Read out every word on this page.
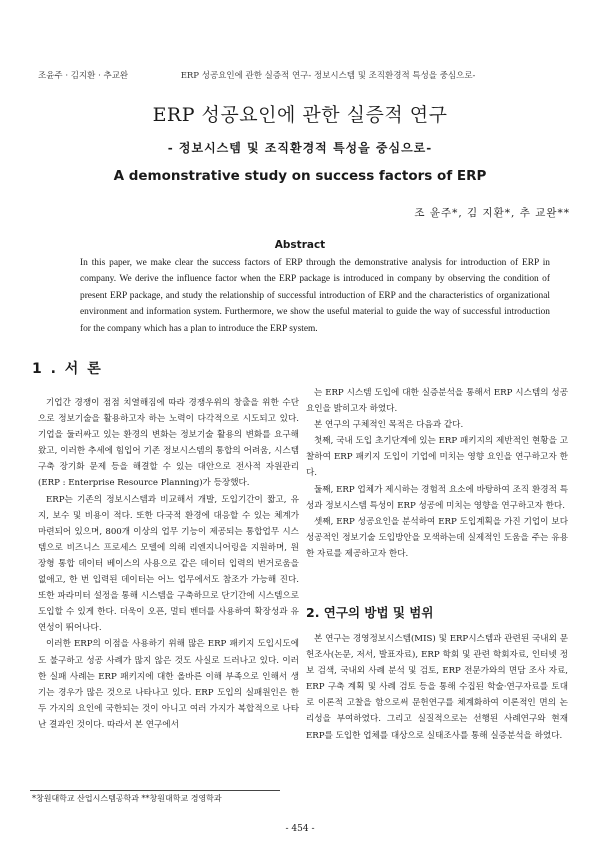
조윤주 · 김지환 · 추교완	ERP 성공요인에 관한 실증적 연구- 정보시스템 및 조직환경적 특성을 중심으로-
ERP 성공요인에 관한 실증적 연구
- 정보시스템 및 조직환경적 특성을 중심으로-
A demonstrative study on success factors of ERP
조 윤주*, 김 지환*, 추 교완**
Abstract
In this paper, we make clear the success factors of ERP through the demonstrative analysis for introduction of ERP in company. We derive the influence factor when the ERP package is introduced in company by observing the condition of present ERP package, and study the relationship of successful introduction of ERP and the characteristics of organizational environment and information system. Furthermore, we show the useful material to guide the way of successful introduction for the company which has a plan to introduce the ERP system.
1 . 서 론

기업간 경쟁이 점점 치열해짐에 따라 경쟁우위의 창출을 위한 수단으로 정보기술을 활용하고자 하는 노력이 다각적으로 시도되고 있다. 기업을 둘러싸고 있는 환경의 변화는 정보기술 활용의 변화를 요구해왔고, 이러한 추세에 힘입어 기존 정보시스템의 통합의 어려움, 시스템 구축 장기화 문제 등을 해결할 수 있는 대안으로 전사적 자원관리 (ERP : Enterprise Resource Planning)가 등장했다.

ERP는 기존의 정보시스템과 비교해서 개발, 도입기간이 짧고, 유지, 보수 및 비용이 적다. 또한 다국적 환경에 대응할 수 있는 체계가 마련되어 있으며, 800개 이상의 업무 기능이 제공되는 통합업무 시스템으로 비즈니스 프로세스 모델에 의해 리엔지니어링을 지원하며, 원장형 통합 데이터 베이스의 사용으로 같은 데이터 입력의 번거로움을 없애고, 한 번 입력된 데이터는 어느 업무에서도 참조가 가능해 진다. 또한 파라미터 설정을 통해 시스템을 구축하므로 단기간에 시스템으로 도입할 수 있게 한다. 더욱이 오픈, 멀티 벤더를 사용하여 확장성과 유연성이 뛰어나다.

이러한 ERP의 이점을 사용하기 위해 많은 ERP 패키지 도입시도에도 불구하고 성공 사례가 많지 않은 것도 사실로 드러나고 있다. 이러한 실패 사례는 ERP 패키지에 대한 올바른 이해 부족으로 인해서 생기는 경우가 많은 것으로 나타나고 있다. ERP 도입의 실패원인은 한두 가지의 요인에 국한되는 것이 아니고 여러 가지가 복합적으로 나타난 결과인 것이다. 따라서 본 연구에서

는 ERP 시스템 도입에 대한 실증분석을 통해서 ERP 시스템의 성공요인을 밝히고자 하였다.

본 연구의 구체적인 목적은 다음과 같다.

첫째, 국내 도입 초기단계에 있는 ERP 패키지의 제반적인 현황을 고찰하여 ERP 패키지 도입이 기업에 미치는 영향 요인을 연구하고자 한다.

둘째, ERP 업체가 제시하는 경험적 요소에 바탕하여 조직 환경적 특성과 정보시스템 특성이 ERP 성공에 미치는 영향을 연구하고자 한다.

셋째, ERP 성공요인을 분석하여 ERP 도입계획을 가진 기업이 보다 성공적인 정보기술 도입방안을 모색하는데 실제적인 도움을 주는 유용한 자료를 제공하고자 한다.

2. 연구의 방법 및 범위

본 연구는 경영정보시스템(MIS) 및 ERP시스템과 관련된 국내외 문헌조사(논문, 저서, 발표자료), ERP 학회 및 관련 학회자료, 인터넷 정보 검색, 국내외 사례 분석 및 검토, ERP 전문가와의 면담 조사 자료, ERP 구축 계획 및 사례 검토 등을 통해 수집된 학술·연구자료를 토대로 이론적 고찰을 함으로써 문헌연구를 체계화하여 이론적인 면의 논리성을 부여하였다. 그리고 실질적으로는 선행된 사례연구와 현재 ERP를 도입한 업체를 대상으로 실태조사를 통해 실증분석을 하였다.

*창원대학교 산업시스템공학과 **창원대학교 경영학과
- 454 -
